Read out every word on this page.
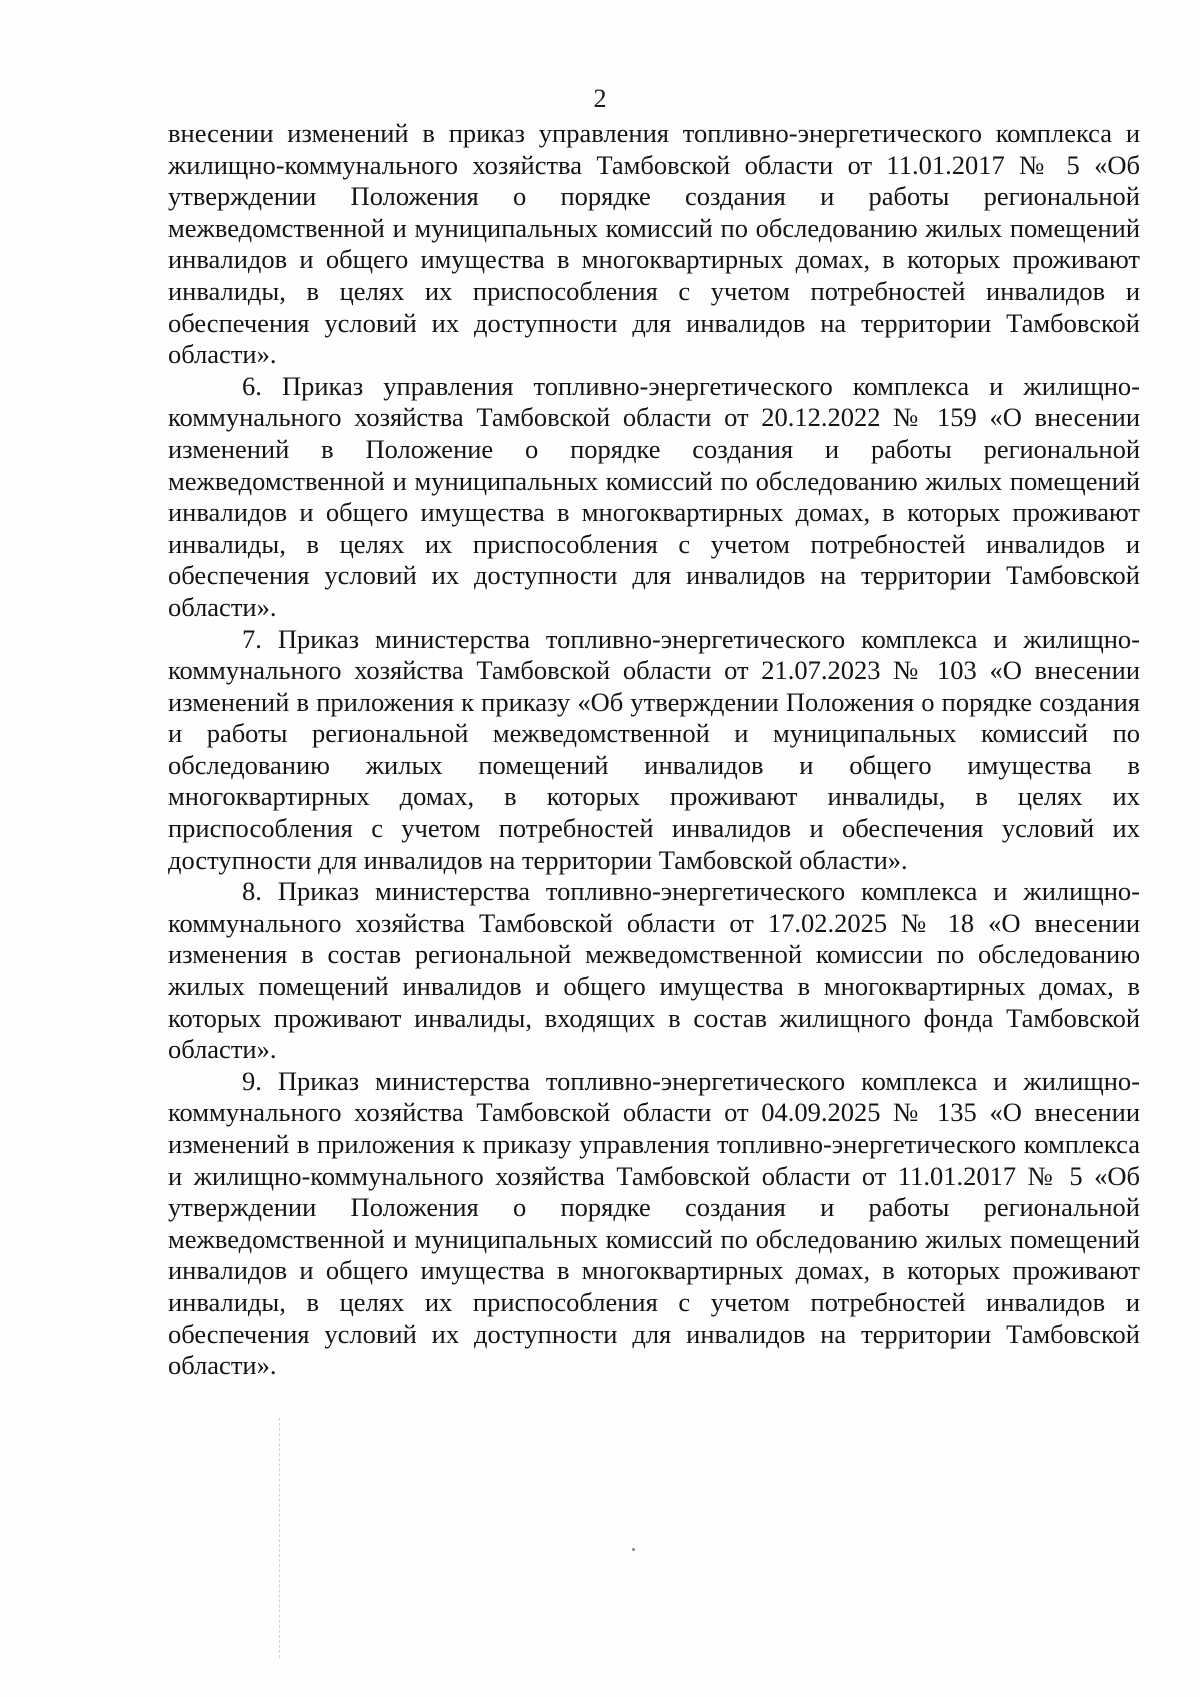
2

внесении изменений в приказ управления топливно-энергетического комплекса и жилищно-коммунального хозяйства Тамбовской области от 11.01.2017 № 5 «Об утверждении Положения о порядке создания и работы региональной межведомственной и муниципальных комиссий по обследованию жилых помещений инвалидов и общего имущества в многоквартирных домах, в которых проживают инвалиды, в целях их приспособления с учетом потребностей инвалидов и обеспечения условий их доступности для инвалидов на территории Тамбовской области».

6. Приказ управления топливно-энергетического комплекса и жилищно-коммунального хозяйства Тамбовской области от 20.12.2022 № 159 «О внесении изменений в Положение о порядке создания и работы региональной межведомственной и муниципальных комиссий по обследованию жилых помещений инвалидов и общего имущества в многоквартирных домах, в которых проживают инвалиды, в целях их приспособления с учетом потребностей инвалидов и обеспечения условий их доступности для инвалидов на территории Тамбовской области».

7. Приказ министерства топливно-энергетического комплекса и жилищно-коммунального хозяйства Тамбовской области от 21.07.2023 № 103 «О внесении изменений в приложения к приказу «Об утверждении Положения о порядке создания и работы региональной межведомственной и муниципальных комиссий по обследованию жилых помещений инвалидов и общего имущества в многоквартирных домах, в которых проживают инвалиды, в целях их приспособления с учетом потребностей инвалидов и обеспечения условий их доступности для инвалидов на территории Тамбовской области».

8. Приказ министерства топливно-энергетического комплекса и жилищно-коммунального хозяйства Тамбовской области от 17.02.2025 № 18 «О внесении изменения в состав региональной межведомственной комиссии по обследованию жилых помещений инвалидов и общего имущества в многоквартирных домах, в которых проживают инвалиды, входящих в состав жилищного фонда Тамбовской области».

9. Приказ министерства топливно-энергетического комплекса и жилищно-коммунального хозяйства Тамбовской области от 04.09.2025 № 135 «О внесении изменений в приложения к приказу управления топливно-энергетического комплекса и жилищно-коммунального хозяйства Тамбовской области от 11.01.2017 № 5 «Об утверждении Положения о порядке создания и работы региональной межведомственной и муниципальных комиссий по обследованию жилых помещений инвалидов и общего имущества в многоквартирных домах, в которых проживают инвалиды, в целях их приспособления с учетом потребностей инвалидов и обеспечения условий их доступности для инвалидов на территории Тамбовской области».
